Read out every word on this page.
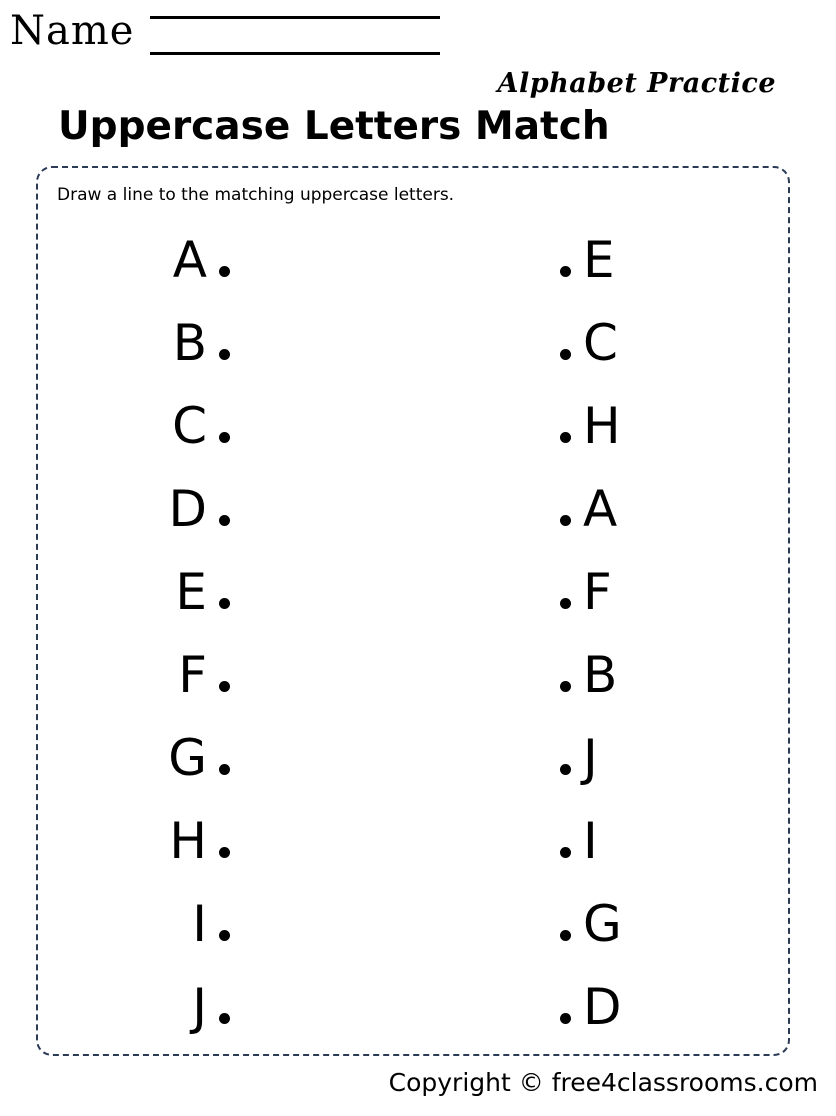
Name
Alphabet Practice
Uppercase Letters Match
Draw a line to the matching uppercase letters.
A
B
C
D
E
F
G
H
I
J
E
C
H
A
F
B
J
I
G
D
Copyright © free4classrooms.com
